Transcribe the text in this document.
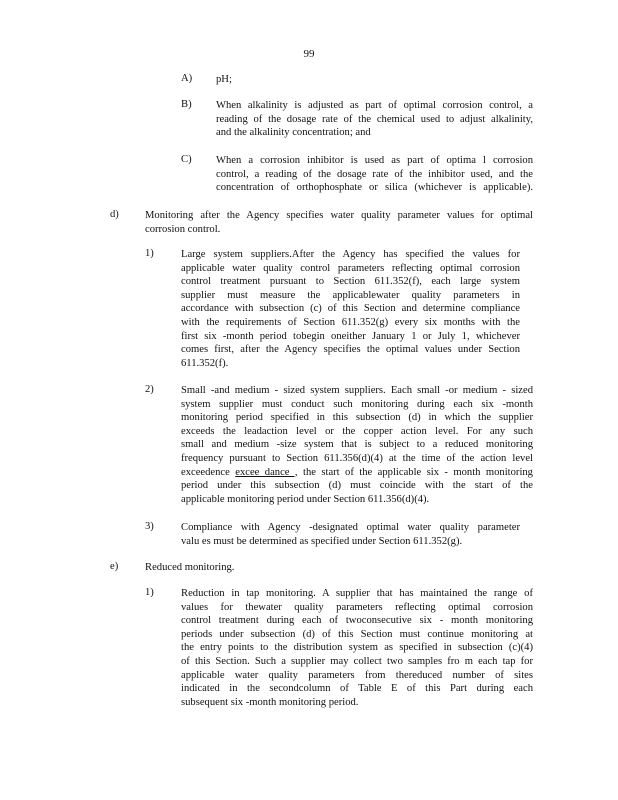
99
A) pH;
B) When alkalinity is adjusted as part of optimal corrosion control, a
reading of the dosage rate of the chemical used to adjust alkalinity,
and the alkalinity concentration; and
C) When a corrosion inhibitor is used as part of optima l corrosion
control, a reading of the dosage rate of the inhibitor used, and the
concentration of orthophosphate or silica (whichever is applicable).
d) Monitoring after the Agency specifies water quality parameter values for optimal
corrosion control.
1)	Large system suppliers.After the Agency has specified the values for
applicable water quality control parameters reflecting optimal corrosion
control treatment pursuant to Section 611.352(f), each large system
supplier must measure the applicablewater quality parameters in
accordance with subsection (c) of this Section and determine compliance
with the requirements of Section 611.352(g) every six months with the
first six -month period tobegin oneither January 1 or July 1, whichever
comes first, after the Agency specifies the optimal values under Section
611.352(f).
2)	Small -and medium - sized system suppliers. Each small -or medium - sized
system supplier must conduct such monitoring during each six -month
monitoring period specified in this subsection (d) in which the supplier
exceeds the leadaction level or the copper action level. For any such
small and medium -size system that is subject to a reduced monitoring
frequency pursuant to Section 611.356(d)(4) at the time of the action level
exceedence excee dance , the start of the applicable six - month monitoring
period under this subsection (d) must coincide with the start of the
applicable monitoring period under Section 611.356(d)(4).
3)	Compliance with Agency -designated optimal water quality parameter
valu es must be determined as specified under Section 611.352(g).
e)	Reduced monitoring.
1)	Reduction in tap monitoring. A supplier that has maintained the range of
values for thewater quality parameters reflecting optimal corrosion
control treatment during each of twoconsecutive six - month monitoring
periods under subsection (d) of this Section must continue monitoring at
the entry points to the distribution system as specified in subsection (c)(4)
of this Section. Such a supplier may collect two samples fro m each tap for
applicable water quality parameters from thereduced number of sites
indicated in the secondcolumn of Table E of this Part during each
subsequent six -month monitoring period.
